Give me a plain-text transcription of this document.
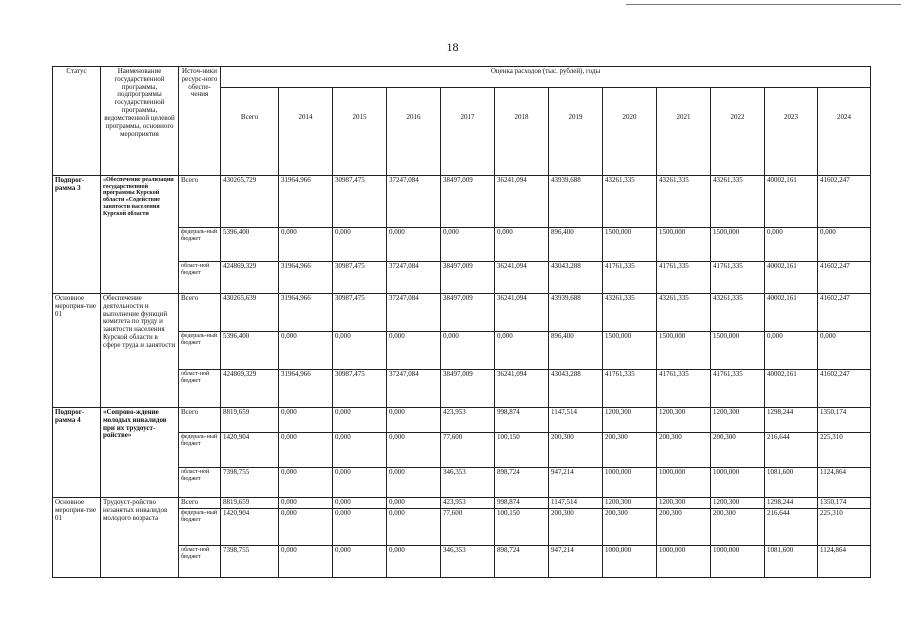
18
Статус	Наименование государственной программы, подпрограммы государственной программы, ведомственной целевой программы, основного мероприятия	Источ-ники ресурс-ного обеспе-чения	Оценка расходов (тыс. рублей), годы											
			Всего	2014	2015	2016	2017	2018	2019	2020	2021	2022	2023	2024
Подпрог-рамма 3	«Обеспечение реализации государственной программы Курской области «Содействие занятости населения Курской области	Всего	430265,729	31964,966	30987,475	37247,084	38497,009	36241,094	43939,688	43261,335	43261,335	43261,335	40002,161	41602,247
		федераль-ный бюджет	5396,400	0,000	0,000	0,000	0,000	0,000	896,400	1500,000	1500,000	1500,000	0,000	0,000
		област-ной бюджет	424869,329	31964,966	30987,475	37247,084	38497,009	36241,094	43043,288	41761,335	41761,335	41761,335	40002,161	41602,247
Основное мероприя-тие 01	Обеспечение деятельности и выполнение функций комитета по труду и занятости населения Курской области в сфере труда и занятости	Всего	430265,639	31964,966	30987,475	37247,084	38497,009	36241,094	43939,688	43261,335	43261,335	43261,335	40002,161	41602,247
		федераль-ный бюджет	5396,400	0,000	0,000	0,000	0,000	0,000	896,400	1500,000	1500,000	1500,000	0,000	0,000
		област-ной бюджет	424869,329	31964,966	30987,475	37247,084	38497,009	36241,094	43043,288	41761,335	41761,335	41761,335	40002,161	41602,247
Подпрог-рамма 4	«Сопрово-ждение молодых инвалидов при их трудоуст-ройстве»	Всего	8819,659	0,000	0,000	0,000	423,953	998,874	1147,514	1200,300	1200,300	1200,300	1298,244	1350,174
		федераль-ный бюджет	1420,904	0,000	0,000	0,000	77,600	100,150	200,300	200,300	200,300	200,300	216,644	225,310
		област-ной бюджет	7398,755	0,000	0,000	0,000	346,353	898,724	947,214	1000,000	1000,000	1000,000	1081,600	1124,864
Основное мероприя-тие 01	Трудоуст-ройство незанятых инвалидов молодого возраста	Всего	8819,659	0,000	0,000	0,000	423,953	998,874	1147,514	1200,300	1200,300	1200,300	1298,244	1350,174
		федераль-ный бюджет	1420,904	0,000	0,000	0,000	77,600	100,150	200,300	200,300	200,300	200,300	216,644	225,310
		област-ной бюджет	7398,755	0,000	0,000	0,000	346,353	898,724	947,214	1000,000	1000,000	1000,000	1081,600	1124,864
